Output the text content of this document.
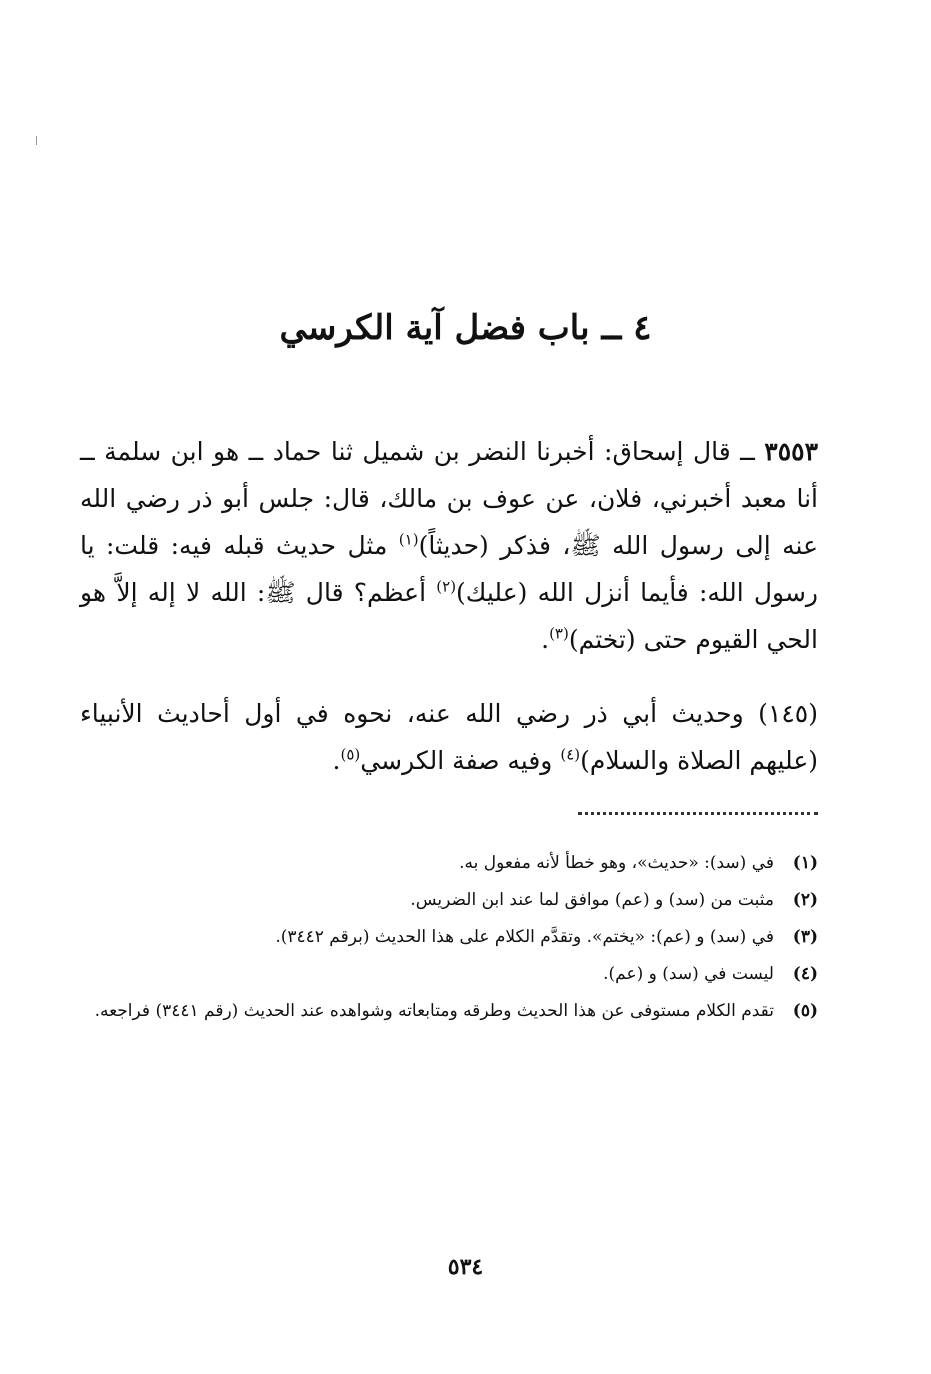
٤ ــ باب فضل آية الكرسي

٣٥٥٣ ــ قال إسحاق: أخبرنا النضر بن شميل ثنا حماد ــ هو ابن سلمة ــ أنا معبد أخبرني، فلان، عن عوف بن مالك، قال: جلس أبو ذر رضي الله عنه إلى رسول الله ﷺ، فذكر (حديثاً)$^{(١)}$ مثل حديث قبله فيه: قلت: يا رسول الله: فأيما أنزل الله (عليك)$^{(٢)}$ أعظم؟ قال ﷺ: الله لا إله إلاَّ هو الحي القيوم حتى (تختم)$^{(٣)}$.

(١٤٥) وحديث أبي ذر رضي الله عنه، نحوه في أول أحاديث الأنبياء (عليهم الصلاة والسلام)$^{(٤)}$ وفيه صفة الكرسي$^{(٥)}$.

(١)
في (سد): «حديث»، وهو خطأ لأنه مفعول به.
(٢)
مثبت من (سد) و (عم) موافق لما عند ابن الضريس.
(٣)
في (سد) و (عم): «يختم». وتقدَّم الكلام على هذا الحديث (برقم ٣٤٤٢).
(٤)
ليست في (سد) و (عم).
(٥)
تقدم الكلام مستوفى عن هذا الحديث وطرقه ومتابعاته وشواهده عند الحديث (رقم ٣٤٤١) فراجعه.
٥٣٤
